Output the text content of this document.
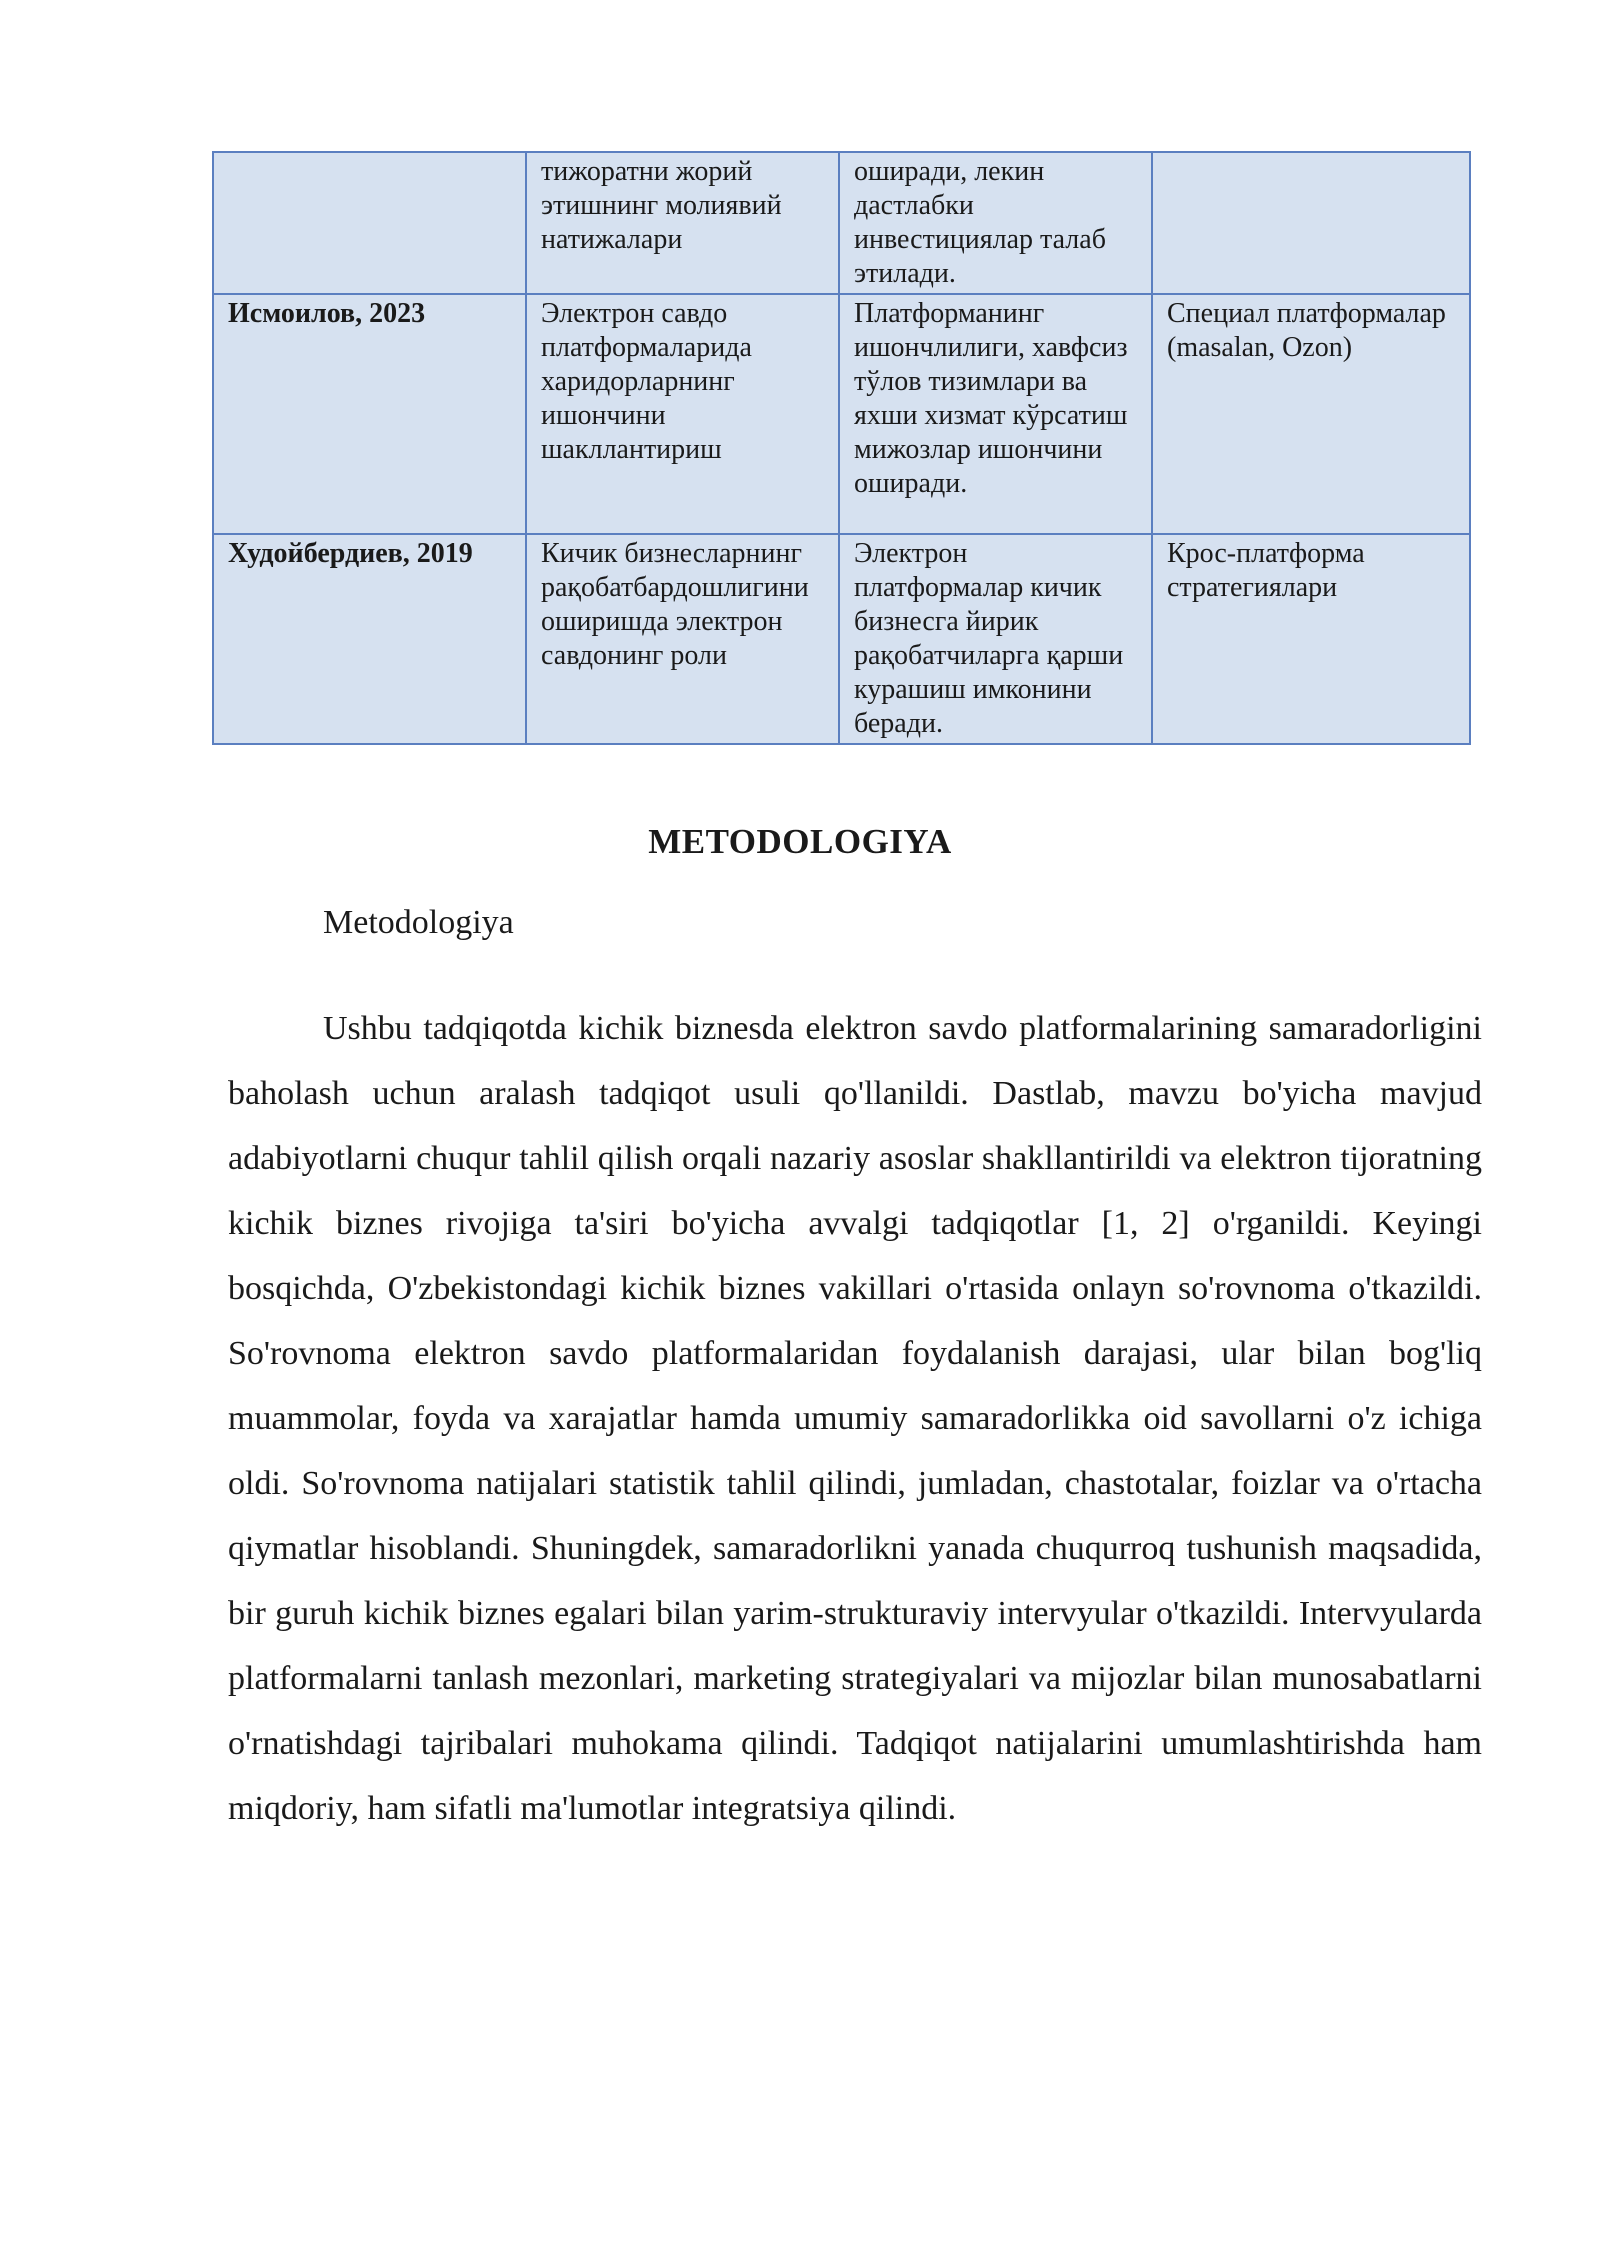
	тижоратни жорий этишнинг молиявий натижалари	оширади, лекин дастлабки инвестициялар талаб этилади.	
Исмоилов, 2023	Электрон савдо платформаларида харидорларнинг ишончини шакллантириш	Платформанинг ишончлилиги, хавфсиз тўлов тизимлари ва яхши хизмат кўрсатиш мижозлар ишончини оширади.	Специал платформалар (masalan, Ozon)
Худойбердиев, 2019	Кичик бизнесларнинг рақобатбардошлигини оширишда электрон савдонинг роли	Электрон платформалар кичик бизнесга йирик рақобатчиларга қарши курашиш имконини беради.	Крос-платформа стратегиялари
METODOLOGIYA
Metodologiya

Ushbu tadqiqotda kichik biznesda elektron savdo platformalarining samaradorligini baholash uchun aralash tadqiqot usuli qo'llanildi. Dastlab, mavzu bo'yicha mavjud adabiyotlarni chuqur tahlil qilish orqali nazariy asoslar shakllantirildi va elektron tijoratning kichik biznes rivojiga ta'siri bo'yicha avvalgi tadqiqotlar [1, 2] o'rganildi. Keyingi bosqichda, O'zbekistondagi kichik biznes vakillari o'rtasida onlayn so'rovnoma o'tkazildi. So'rovnoma elektron savdo platformalaridan foydalanish darajasi, ular bilan bog'liq muammolar, foyda va xarajatlar hamda umumiy samaradorlikka oid savollarni o'z ichiga oldi. So'rovnoma natijalari statistik tahlil qilindi, jumladan, chastotalar, foizlar va o'rtacha qiymatlar hisoblandi. Shuningdek, samaradorlikni yanada chuqurroq tushunish maqsadida, bir guruh kichik biznes egalari bilan yarim-strukturaviy intervyular o'tkazildi. Intervyularda platformalarni tanlash mezonlari, marketing strategiyalari va mijozlar bilan munosabatlarni o'rnatishdagi tajribalari muhokama qilindi. Tadqiqot natijalarini umumlashtirishda ham miqdoriy, ham sifatli ma'lumotlar integratsiya qilindi.
